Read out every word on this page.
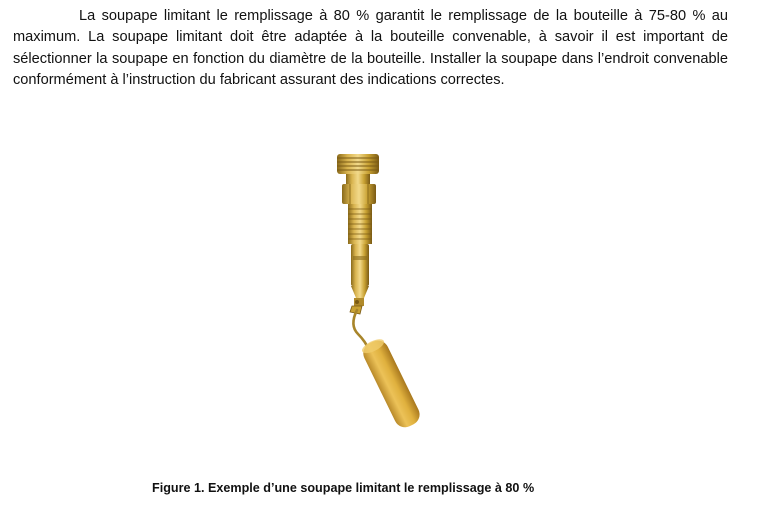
La soupape limitant le remplissage à 80 % garantit le remplissage de la bouteille à 75-80 % au maximum. La soupape limitant doit être adaptée à la bouteille convenable, à savoir il est important de sélectionner la soupape en fonction du diamètre de la bouteille. Installer la soupape dans l’endroit convenable conformément à l’instruction du fabricant assurant des indications correctes.

Figure 1. Exemple d’une soupape limitant le remplissage à 80 %
